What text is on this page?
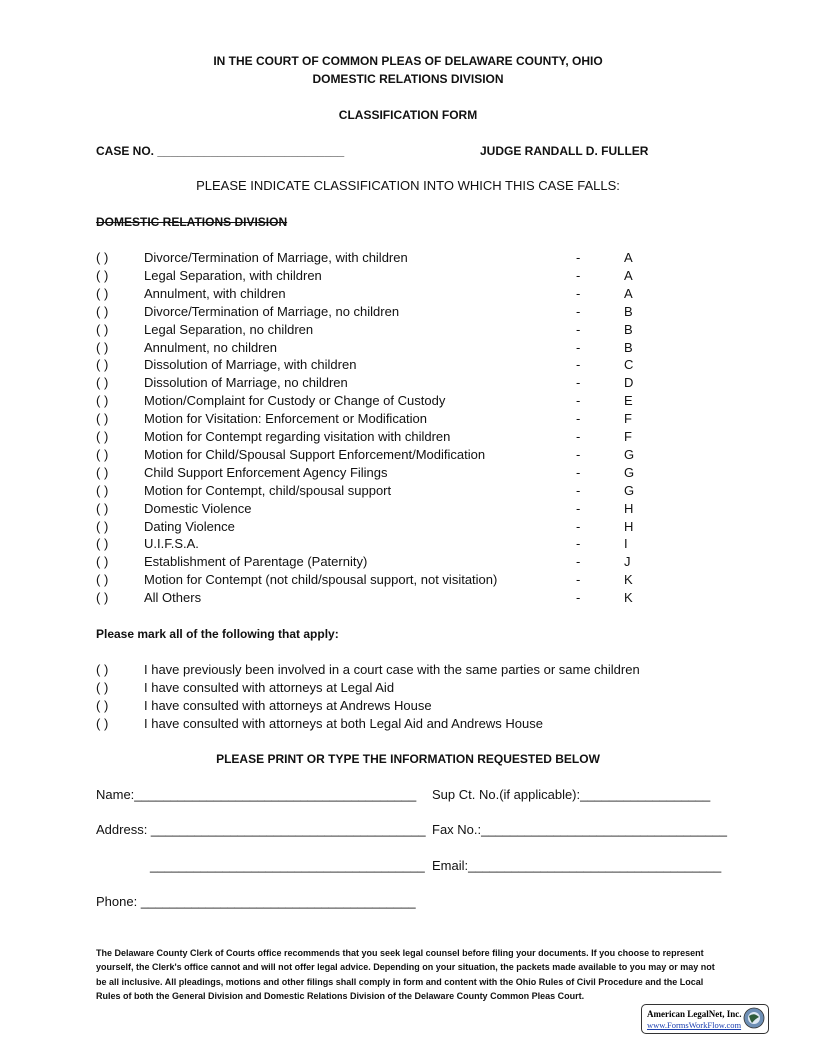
IN THE COURT OF COMMON PLEAS OF DELAWARE COUNTY, OHIO
DOMESTIC RELATIONS DIVISION
CLASSIFICATION FORM
CASE NO. ____________________________	JUDGE RANDALL D. FULLER
PLEASE INDICATE CLASSIFICATION INTO WHICH THIS CASE FALLS:
DOMESTIC RELATIONS DIVISION
( )	Divorce/Termination of Marriage, with children	-	A
( )	Legal Separation, with children	-	A
( )	Annulment, with children	-	A
( )	Divorce/Termination of Marriage, no children	-	B
( )	Legal Separation, no children	-	B
( )	Annulment, no children	-	B
( )	Dissolution of Marriage, with children	-	C
( )	Dissolution of Marriage, no children	-	D
( )	Motion/Complaint for Custody or Change of Custody	-	E
( )	Motion for Visitation: Enforcement or Modification	-	F
( )	Motion for Contempt regarding visitation with children	-	F
( )	Motion for Child/Spousal Support Enforcement/Modification	-	G
( )	Child Support Enforcement Agency Filings	-	G
( )	Motion for Contempt, child/spousal support	-	G
( )	Domestic Violence	-	H
( )	Dating Violence	-	H
( )	U.I.F.S.A.	-	I
( )	Establishment of Parentage (Paternity)	-	J
( )	Motion for Contempt (not child/spousal support, not visitation)	-	K
( )	All Others	-	K
Please mark all of the following that apply:
( )	I have previously been involved in a court case with the same parties or same children
( )	I have consulted with attorneys at Legal Aid
( )	I have consulted with attorneys at Andrews House
( )	I have consulted with attorneys at both Legal Aid and Andrews House
PLEASE PRINT OR TYPE THE INFORMATION REQUESTED BELOW
Name:_______________________________________ Sup Ct. No.(if applicable):__________________
Address: ______________________________________ Fax No.:__________________________________
______________________________________ Email:___________________________________
Phone: ______________________________________
The Delaware County Clerk of Courts office recommends that you seek legal counsel before filing your documents. If you choose to represent yourself, the Clerk's office cannot and will not offer legal advice. Depending on your situation, the packets made available to you may or may not be all inclusive. All pleadings, motions and other filings shall comply in form and content with the Ohio Rules of Civil Procedure and the Local Rules of both the General Division and Domestic Relations Division of the Delaware County Common Pleas Court.
American LegalNet, Inc.
www.FormsWorkFlow.com
